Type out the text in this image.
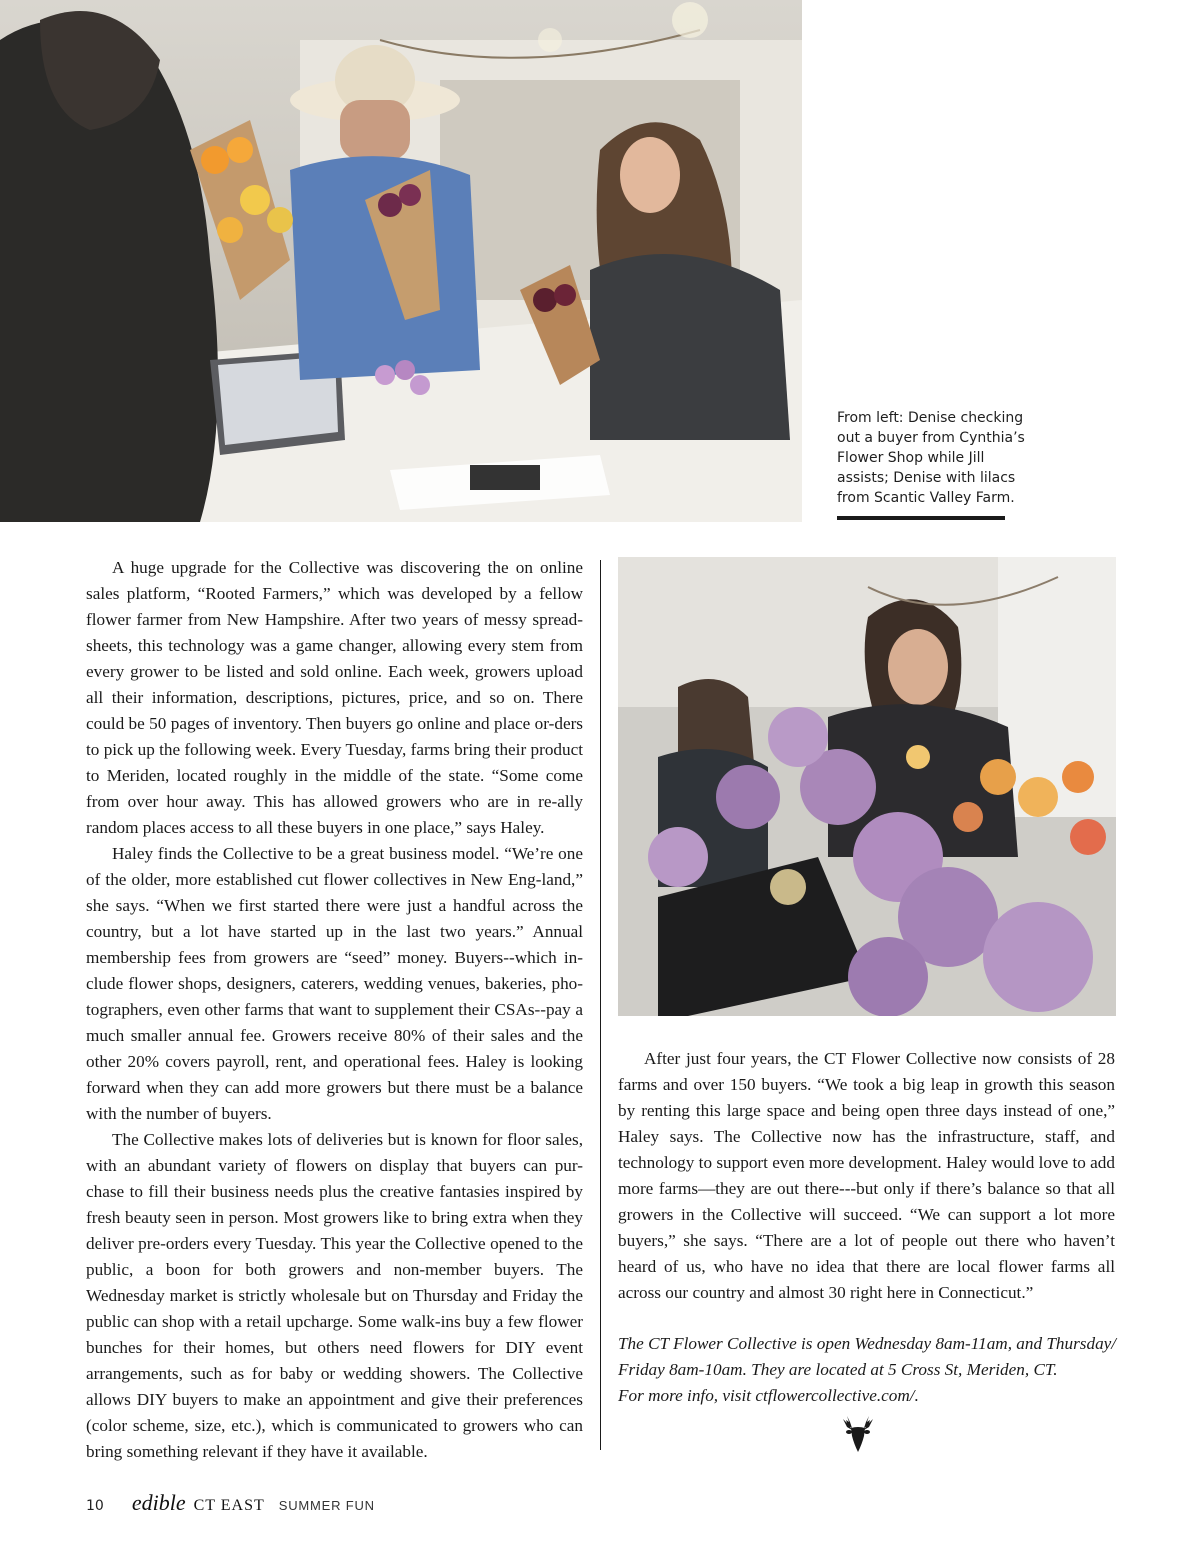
From left: Denise checking
out a buyer from Cynthia’s
Flower Shop while Jill
assists; Denise with lilacs
from Scantic Valley Farm.

A huge upgrade for the Collective was discovering the on online sales platform, “Rooted Farmers,” which was developed by a fellow flower farmer from New Hampshire. After two years of messy spread-sheets, this technology was a game changer, allowing every stem from every grower to be listed and sold online. Each week, growers upload all their information, descriptions, pictures, price, and so on. There could be 50 pages of inventory. Then buyers go online and place or-ders to pick up the following week. Every Tuesday, farms bring their product to Meriden, located roughly in the middle of the state. “Some come from over hour away. This has allowed growers who are in re-ally random places access to all these buyers in one place,” says Haley.

Haley finds the Collective to be a great business model. “We’re one of the older, more established cut flower collectives in New Eng-land,” she says. “When we first started there were just a handful across the country, but a lot have started up in the last two years.” Annual membership fees from growers are “seed” money. Buyers--which in-clude flower shops, designers, caterers, wedding venues, bakeries, pho-tographers, even other farms that want to supplement their CSAs--pay a much smaller annual fee. Growers receive 80% of their sales and the other 20% covers payroll, rent, and operational fees. Haley is looking forward when they can add more growers but there must be a balance with the number of buyers.

The Collective makes lots of deliveries but is known for floor sales, with an abundant variety of flowers on display that buyers can pur-chase to fill their business needs plus the creative fantasies inspired by fresh beauty seen in person. Most growers like to bring extra when they deliver pre-orders every Tuesday. This year the Collective opened to the public, a boon for both growers and non-member buyers. The Wednesday market is strictly wholesale but on Thursday and Friday the public can shop with a retail upcharge. Some walk-ins buy a few flower bunches for their homes, but others need flowers for DIY event arrangements, such as for baby or wedding showers. The Collective allows DIY buyers to make an appointment and give their preferences (color scheme, size, etc.), which is communicated to growers who can bring something relevant if they have it available.

After just four years, the CT Flower Collective now consists of 28 farms and over 150 buyers. “We took a big leap in growth this season by renting this large space and being open three days instead of one,” Haley says. The Collective now has the infrastructure, staff, and technology to support even more development. Haley would love to add more farms—they are out there---but only if there’s balance so that all growers in the Collective will succeed. “We can support a lot more buyers,” she says. “There are a lot of people out there who haven’t heard of us, who have no idea that there are local flower farms all across our country and almost 30 right here in Connecticut.”

The CT Flower Collective is open Wednesday 8am-11am, and Thursday/
Friday 8am-10am. They are located at 5 Cross St, Meriden, CT.
For more info, visit ctflowercollective.com/.
10 edible CT EAST SUMMER FUN
